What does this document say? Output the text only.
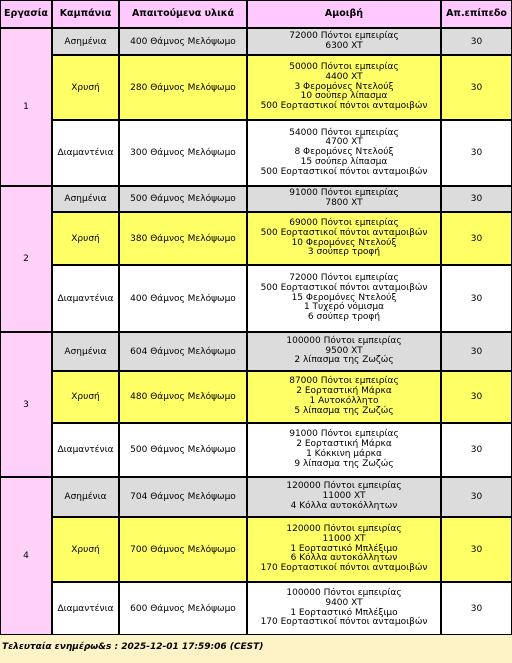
Εργασία	Καμπάνια	Απαιτούμενα υλικά	Αμοιβή	Απ.επίπεδο
1	Ασημένια	400 Θάμνος Μελόψωμο	72000 Πόντοι εμπειρίας
6300 XT	30
	Χρυσή	280 Θάμνος Μελόψωμο	50000 Πόντοι εμπειρίας
4400 XT
3 Φερομόνες Ντελούξ
10 σούπερ λίπασμα
500 Εορταστικοί πόντοι ανταμοιβών	30
	Διαμαντένια	300 Θάμνος Μελόψωμο	54000 Πόντοι εμπειρίας
4700 XT
8 Φερομόνες Ντελούξ
15 σούπερ λίπασμα
500 Εορταστικοί πόντοι ανταμοιβών	30
2	Ασημένια	500 Θάμνος Μελόψωμο	91000 Πόντοι εμπειρίας
7800 XT	30
	Χρυσή	380 Θάμνος Μελόψωμο	69000 Πόντοι εμπειρίας
500 Εορταστικοί πόντοι ανταμοιβών
10 Φερομόνες Ντελούξ
3 σούπερ τροφή	30
	Διαμαντένια	400 Θάμνος Μελόψωμο	72000 Πόντοι εμπειρίας
500 Εορταστικοί πόντοι ανταμοιβών
15 Φερομόνες Ντελούξ
1 Τυχερό νόμισμα
6 σούπερ τροφή	30
3	Ασημένια	604 Θάμνος Μελόψωμο	100000 Πόντοι εμπειρίας
9500 XT
2 λίπασμα της Ζωζώς	30
	Χρυσή	480 Θάμνος Μελόψωμο	87000 Πόντοι εμπειρίας
2 Εορταστική Μάρκα
1 Αυτοκόλλητο
5 λίπασμα της Ζωζώς	30
	Διαμαντένια	500 Θάμνος Μελόψωμο	91000 Πόντοι εμπειρίας
2 Εορταστική Μάρκα
1 Κόκκινη μάρκα
9 λίπασμα της Ζωζώς	30
4	Ασημένια	704 Θάμνος Μελόψωμο	120000 Πόντοι εμπειρίας
11000 XT
4 Κόλλα αυτοκόλλητων	30
	Χρυσή	700 Θάμνος Μελόψωμο	120000 Πόντοι εμπειρίας
11000 XT
1 Εορταστικό Μπλέξιμο
6 Κόλλα αυτοκόλλητων
170 Εορταστικοί πόντοι ανταμοιβών	30
	Διαμαντένια	600 Θάμνος Μελόψωμο	100000 Πόντοι εμπειρίας
9400 XT
1 Εορταστικό Μπλέξιμο
170 Εορταστικοί πόντοι ανταμοιβών	30
Τελευταία ενημέρω&s : 2025-12-01 17:59:06 (CEST)
